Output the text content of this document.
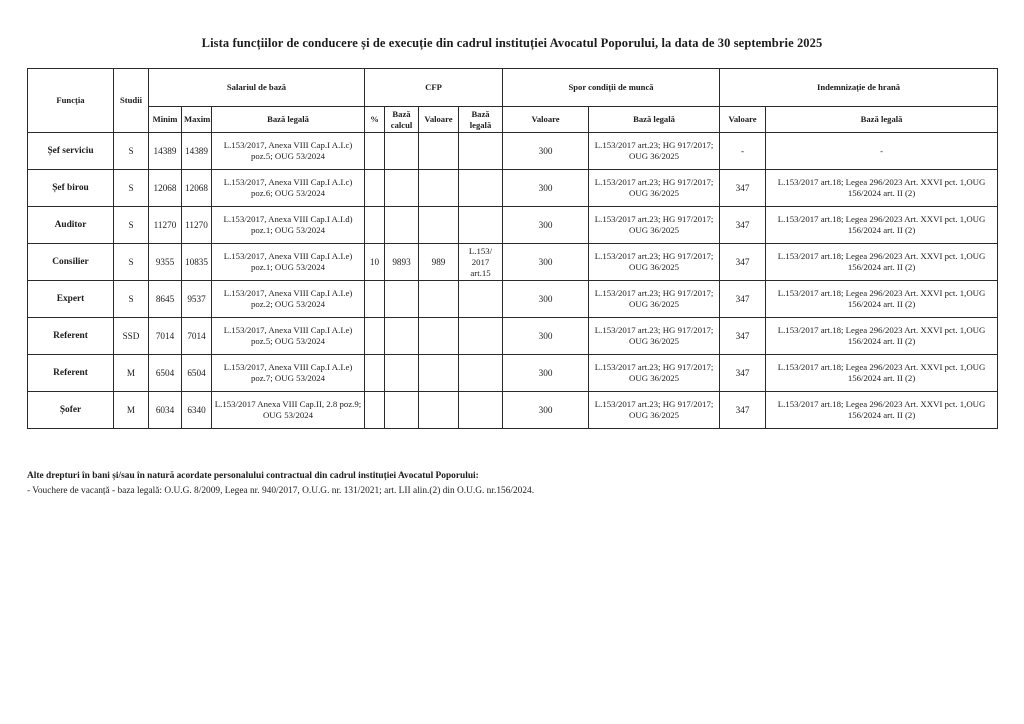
Lista funcțiilor de conducere și de execuție din cadrul instituției Avocatul Poporului, la data de 30 septembrie 2025
Funcția	Studii	Salariul de bază			CFP				Spor condiții de muncă		Indemnizație de hrană	
		Minim	Maxim	Bază legală	%	Bază calcul	Valoare	Bază legală	Valoare	Bază legală	Valoare	Bază legală
Șef serviciu	S	14389	14389	L.153/2017, Anexa VIII Cap.I A.I.c) poz.5; OUG 53/2024					300	L.153/2017 art.23; HG 917/2017; OUG 36/2025	-	-
Șef birou	S	12068	12068	L.153/2017, Anexa VIII Cap.I A.I.c) poz.6; OUG 53/2024					300	L.153/2017 art.23; HG 917/2017; OUG 36/2025	347	L.153/2017 art.18; Legea 296/2023 Art. XXVI pct. 1,OUG 156/2024 art. II (2)
Auditor	S	11270	11270	L.153/2017, Anexa VIII Cap.I A.I.d) poz.1; OUG 53/2024					300	L.153/2017 art.23; HG 917/2017; OUG 36/2025	347	L.153/2017 art.18; Legea 296/2023 Art. XXVI pct. 1,OUG 156/2024 art. II (2)
Consilier	S	9355	10835	L.153/2017, Anexa VIII Cap.I A.I.e) poz.1; OUG 53/2024	10	9893	989	L.153/ 2017 art.15	300	L.153/2017 art.23; HG 917/2017; OUG 36/2025	347	L.153/2017 art.18; Legea 296/2023 Art. XXVI pct. 1,OUG 156/2024 art. II (2)
Expert	S	8645	9537	L.153/2017, Anexa VIII Cap.I A.I.e) poz.2; OUG 53/2024					300	L.153/2017 art.23; HG 917/2017; OUG 36/2025	347	L.153/2017 art.18; Legea 296/2023 Art. XXVI pct. 1,OUG 156/2024 art. II (2)
Referent	SSD	7014	7014	L.153/2017, Anexa VIII Cap.I A.I.e) poz.5; OUG 53/2024					300	L.153/2017 art.23; HG 917/2017; OUG 36/2025	347	L.153/2017 art.18; Legea 296/2023 Art. XXVI pct. 1,OUG 156/2024 art. II (2)
Referent	M	6504	6504	L.153/2017, Anexa VIII Cap.I A.I.e) poz.7; OUG 53/2024					300	L.153/2017 art.23; HG 917/2017; OUG 36/2025	347	L.153/2017 art.18; Legea 296/2023 Art. XXVI pct. 1,OUG 156/2024 art. II (2)
Șofer	M	6034	6340	L.153/2017 Anexa VIII Cap.II, 2.8 poz.9; OUG 53/2024					300	L.153/2017 art.23; HG 917/2017; OUG 36/2025	347	L.153/2017 art.18; Legea 296/2023 Art. XXVI pct. 1,OUG 156/2024 art. II (2)
Alte drepturi în bani și/sau în natură acordate personalului contractual din cadrul instituției Avocatul Poporului:
- Vouchere de vacanță - baza legală: O.U.G. 8/2009, Legea nr. 940/2017, O.U.G. nr. 131/2021; art. LII alin.(2) din O.U.G. nr.156/2024.
